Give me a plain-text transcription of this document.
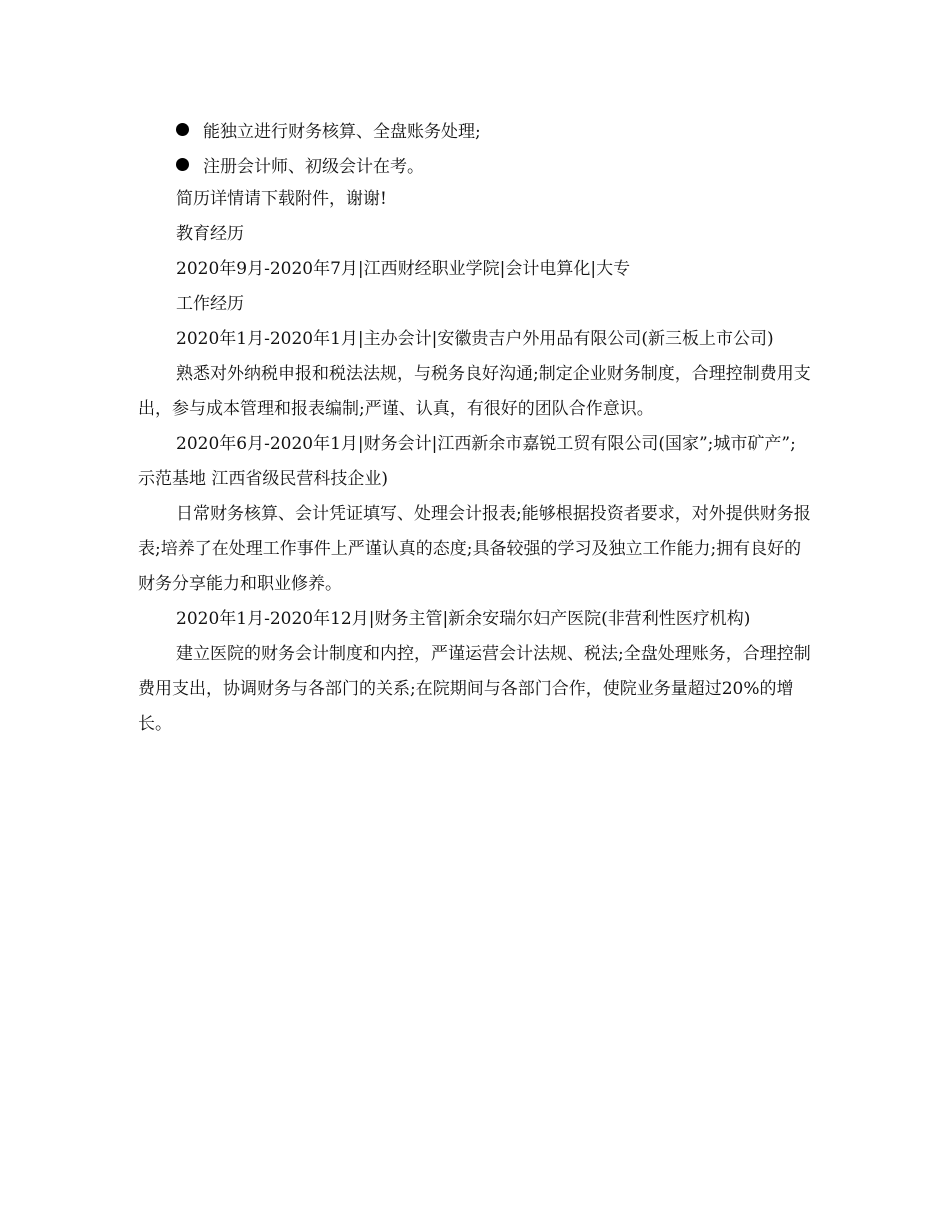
能独立进行财务核算、全盘账务处理;
注册会计师、初级会计在考。

简历详情请下载附件，谢谢!

教育经历

2020年9月-2020年7月|江西财经职业学院|会计电算化|大专

工作经历

2020年1月-2020年1月|主办会计|安徽贵吉户外用品有限公司(新三板上市公司)

熟悉对外纳税申报和税法法规，与税务良好沟通;制定企业财务制度，合理控制费用支出，参与成本管理和报表编制;严谨、认真，有很好的团队合作意识。

2020年6月-2020年1月|财务会计|江西新余市嘉锐工贸有限公司(国家”;城市矿产”;示范基地 江西省级民营科技企业)

日常财务核算、会计凭证填写、处理会计报表;能够根据投资者要求，对外提供财务报表;培养了在处理工作事件上严谨认真的态度;具备较强的学习及独立工作能力;拥有良好的财务分享能力和职业修养。

2020年1月-2020年12月|财务主管|新余安瑞尔妇产医院(非营利性医疗机构)

建立医院的财务会计制度和内控，严谨运营会计法规、税法;全盘处理账务，合理控制费用支出，协调财务与各部门的关系;在院期间与各部门合作，使院业务量超过20%的增长。
